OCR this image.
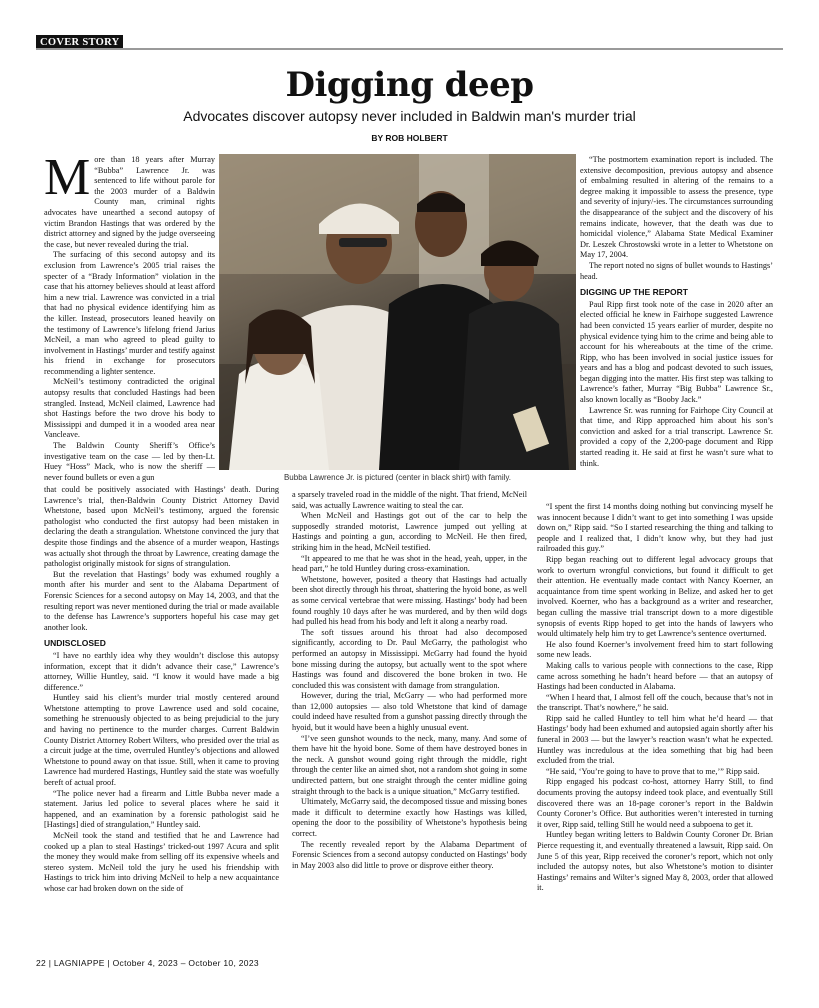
COVER STORY
Digging deep
Advocates discover autopsy never included in Baldwin man's murder trial
BY ROB HOLBERT
Bubba Lawrence Jr. is pictured (center in black shirt) with family.

More than 18 years after Murray “Bubba” Lawrence Jr. was sentenced to life without parole for the 2003 murder of a Baldwin County man, criminal rights advocates have unearthed a second autopsy of victim Brandon Hastings that was ordered by the district attorney and signed by the judge overseeing the case, but never revealed during the trial.

The surfacing of this second autopsy and its exclusion from Lawrence’s 2005 trial raises the specter of a “Brady Information” violation in the case that his attorney believes should at least afford him a new trial. Lawrence was convicted in a trial that had no physical evidence identifying him as the killer. Instead, prosecutors leaned heavily on the testimony of Lawrence’s lifelong friend Jarius McNeil, a man who agreed to plead guilty to involvement in Hastings’ murder and testify against his friend in exchange for prosecutors recommending a lighter sentence.

McNeil’s testimony contradicted the original autopsy results that concluded Hastings had been strangled. Instead, McNeil claimed, Lawrence had shot Hastings before the two drove his body to Mississippi and dumped it in a wooded area near Vancleave.

The Baldwin County Sheriff’s Office’s investigative team on the case — led by then-Lt. Huey “Hoss” Mack, who is now the sheriff — never found bullets or even a gun

that could be positively associated with Hastings’ death. During Lawrence’s trial, then-Baldwin County District Attorney David Whetstone, based upon McNeil’s testimony, argued the forensic pathologist who conducted the first autopsy had been mistaken in declaring the death a strangulation. Whetstone convinced the jury that despite those findings and the absence of a murder weapon, Hastings was actually shot through the throat by Lawrence, creating damage the pathologist originally mistook for signs of strangulation.

But the revelation that Hastings’ body was exhumed roughly a month after his murder and sent to the Alabama Department of Forensic Sciences for a second autopsy on May 14, 2003, and that the resulting report was never mentioned during the trial or made available to the defense has Lawrence’s supporters hopeful his case may get another look.

UNDISCLOSED

“I have no earthly idea why they wouldn’t disclose this autopsy information, except that it didn’t advance their case,” Lawrence’s attorney, Willie Huntley, said. “I know it would have made a big difference.”

Huntley said his client’s murder trial mostly centered around Whetstone attempting to prove Lawrence used and sold cocaine, something he strenuously objected to as being prejudicial to the jury and having no pertinence to the murder charges. Current Baldwin County District Attorney Robert Wilters, who presided over the trial as a circuit judge at the time, overruled Huntley’s objections and allowed Whetstone to pound away on that issue. Still, when it came to proving Lawrence had murdered Hastings, Huntley said the state was woefully bereft of actual proof.

“The police never had a firearm and Little Bubba never made a statement. Jarius led police to several places where he said it happened, and an examination by a forensic pathologist said he [Hastings] died of strangulation,” Huntley said.

McNeil took the stand and testified that he and Lawrence had cooked up a plan to steal Hastings’ tricked-out 1997 Acura and split the money they would make from selling off its expensive wheels and stereo system. McNeil told the jury he used his friendship with Hastings to trick him into driving McNeil to help a new acquaintance whose car had broken down on the side of

a sparsely traveled road in the middle of the night. That friend, McNeil said, was actually Lawrence waiting to steal the car.

When McNeil and Hastings got out of the car to help the supposedly stranded motorist, Lawrence jumped out yelling at Hastings and pointing a gun, according to McNeil. He then fired, striking him in the head, McNeil testified.

“It appeared to me that he was shot in the head, yeah, upper, in the head part,” he told Huntley during cross-examination.

Whetstone, however, posited a theory that Hastings had actually been shot directly through his throat, shattering the hyoid bone, as well as some cervical vertebrae that were missing. Hastings’ body had been found roughly 10 days after he was murdered, and by then wild dogs had pulled his head from his body and left it along a nearby road.

The soft tissues around his throat had also decomposed significantly, according to Dr. Paul McGarry, the pathologist who performed an autopsy in Mississippi. McGarry had found the hyoid bone missing during the autopsy, but actually went to the spot where Hastings was found and discovered the bone broken in two. He concluded this was consistent with damage from strangulation.

However, during the trial, McGarry — who had performed more than 12,000 autopsies — also told Whetstone that kind of damage could indeed have resulted from a gunshot passing directly through the hyoid, but it would have been a highly unusual event.

“I’ve seen gunshot wounds to the neck, many, many. And some of them have hit the hyoid bone. Some of them have destroyed bones in the neck. A gunshot wound going right through the middle, right through the center like an aimed shot, not a random shot going in some undirected pattern, but one straight through the center midline going straight through to the back is a unique situation,” McGarry testified.

Ultimately, McGarry said, the decomposed tissue and missing bones made it difficult to determine exactly how Hastings was killed, opening the door to the possibility of Whetstone’s hypothesis being correct.

The recently revealed report by the Alabama Department of Forensic Sciences from a second autopsy conducted on Hastings’ body in May 2003 also did little to prove or disprove either theory.

“The postmortem examination report is included. The extensive decomposition, previous autopsy and absence of embalming resulted in altering of the remains to a degree making it impossible to assess the presence, type and severity of injury/-ies. The circumstances surrounding the disappearance of the subject and the discovery of his remains indicate, however, that the death was due to homicidal violence,” Alabama State Medical Examiner Dr. Leszek Chrostowski wrote in a letter to Whetstone on May 17, 2004.

The report noted no signs of bullet wounds to Hastings’ head.

DIGGING UP THE REPORT

Paul Ripp first took note of the case in 2020 after an elected official he knew in Fairhope suggested Lawrence had been convicted 15 years earlier of murder, despite no physical evidence tying him to the crime and being able to account for his whereabouts at the time of the crime. Ripp, who has been involved in social justice issues for years and has a blog and podcast devoted to such issues, began digging into the matter. His first step was talking to Lawrence’s father, Murray “Big Bubba” Lawrence Sr., also known locally as “Booby Jack.”

Lawrence Sr. was running for Fairhope City Council at that time, and Ripp approached him about his son’s conviction and asked for a trial transcript. Lawrence Sr. provided a copy of the 2,200-page document and Ripp started reading it. He said at first he wasn’t sure what to think.

“I spent the first 14 months doing nothing but convincing myself he was innocent because I didn’t want to get into something I was upside down on,” Ripp said. “So I started researching the thing and talking to people and I realized that, I didn’t know why, but they had just railroaded this guy.”

Ripp began reaching out to different legal advocacy groups that work to overturn wrongful convictions, but found it difficult to get their attention. He eventually made contact with Nancy Koerner, an acquaintance from time spent working in Belize, and asked her to get involved. Koerner, who has a background as a writer and researcher, began culling the massive trial transcript down to a more digestible synopsis of events Ripp hoped to get into the hands of lawyers who would ultimately help him try to get Lawrence’s sentence overturned.

He also found Koerner’s involvement freed him to start following some new leads.

Making calls to various people with connections to the case, Ripp came across something he hadn’t heard before — that an autopsy of Hastings had been conducted in Alabama.

“When I heard that, I almost fell off the couch, because that’s not in the transcript. That’s nowhere,” he said.

Ripp said he called Huntley to tell him what he’d heard — that Hastings’ body had been exhumed and autopsied again shortly after his funeral in 2003 — but the lawyer’s reaction wasn’t what he expected. Huntley was incredulous at the idea something that big had been excluded from the trial.

“He said, ‘You’re going to have to prove that to me,’” Ripp said.

Ripp engaged his podcast co-host, attorney Harry Still, to find documents proving the autopsy indeed took place, and eventually Still discovered there was an 18-page coroner’s report in the Baldwin County Coroner’s Office. But authorities weren’t interested in turning it over, Ripp said, telling Still he would need a subpoena to get it.

Huntley began writing letters to Baldwin County Coroner Dr. Brian Pierce requesting it, and eventually threatened a lawsuit, Ripp said. On June 5 of this year, Ripp received the coroner’s report, which not only included the autopsy notes, but also Whetstone’s motion to disinter Hastings’ remains and Wilter’s signed May 8, 2003, order that allowed it.

22 | LAGNIAPPE | October 4, 2023 – October 10, 2023
